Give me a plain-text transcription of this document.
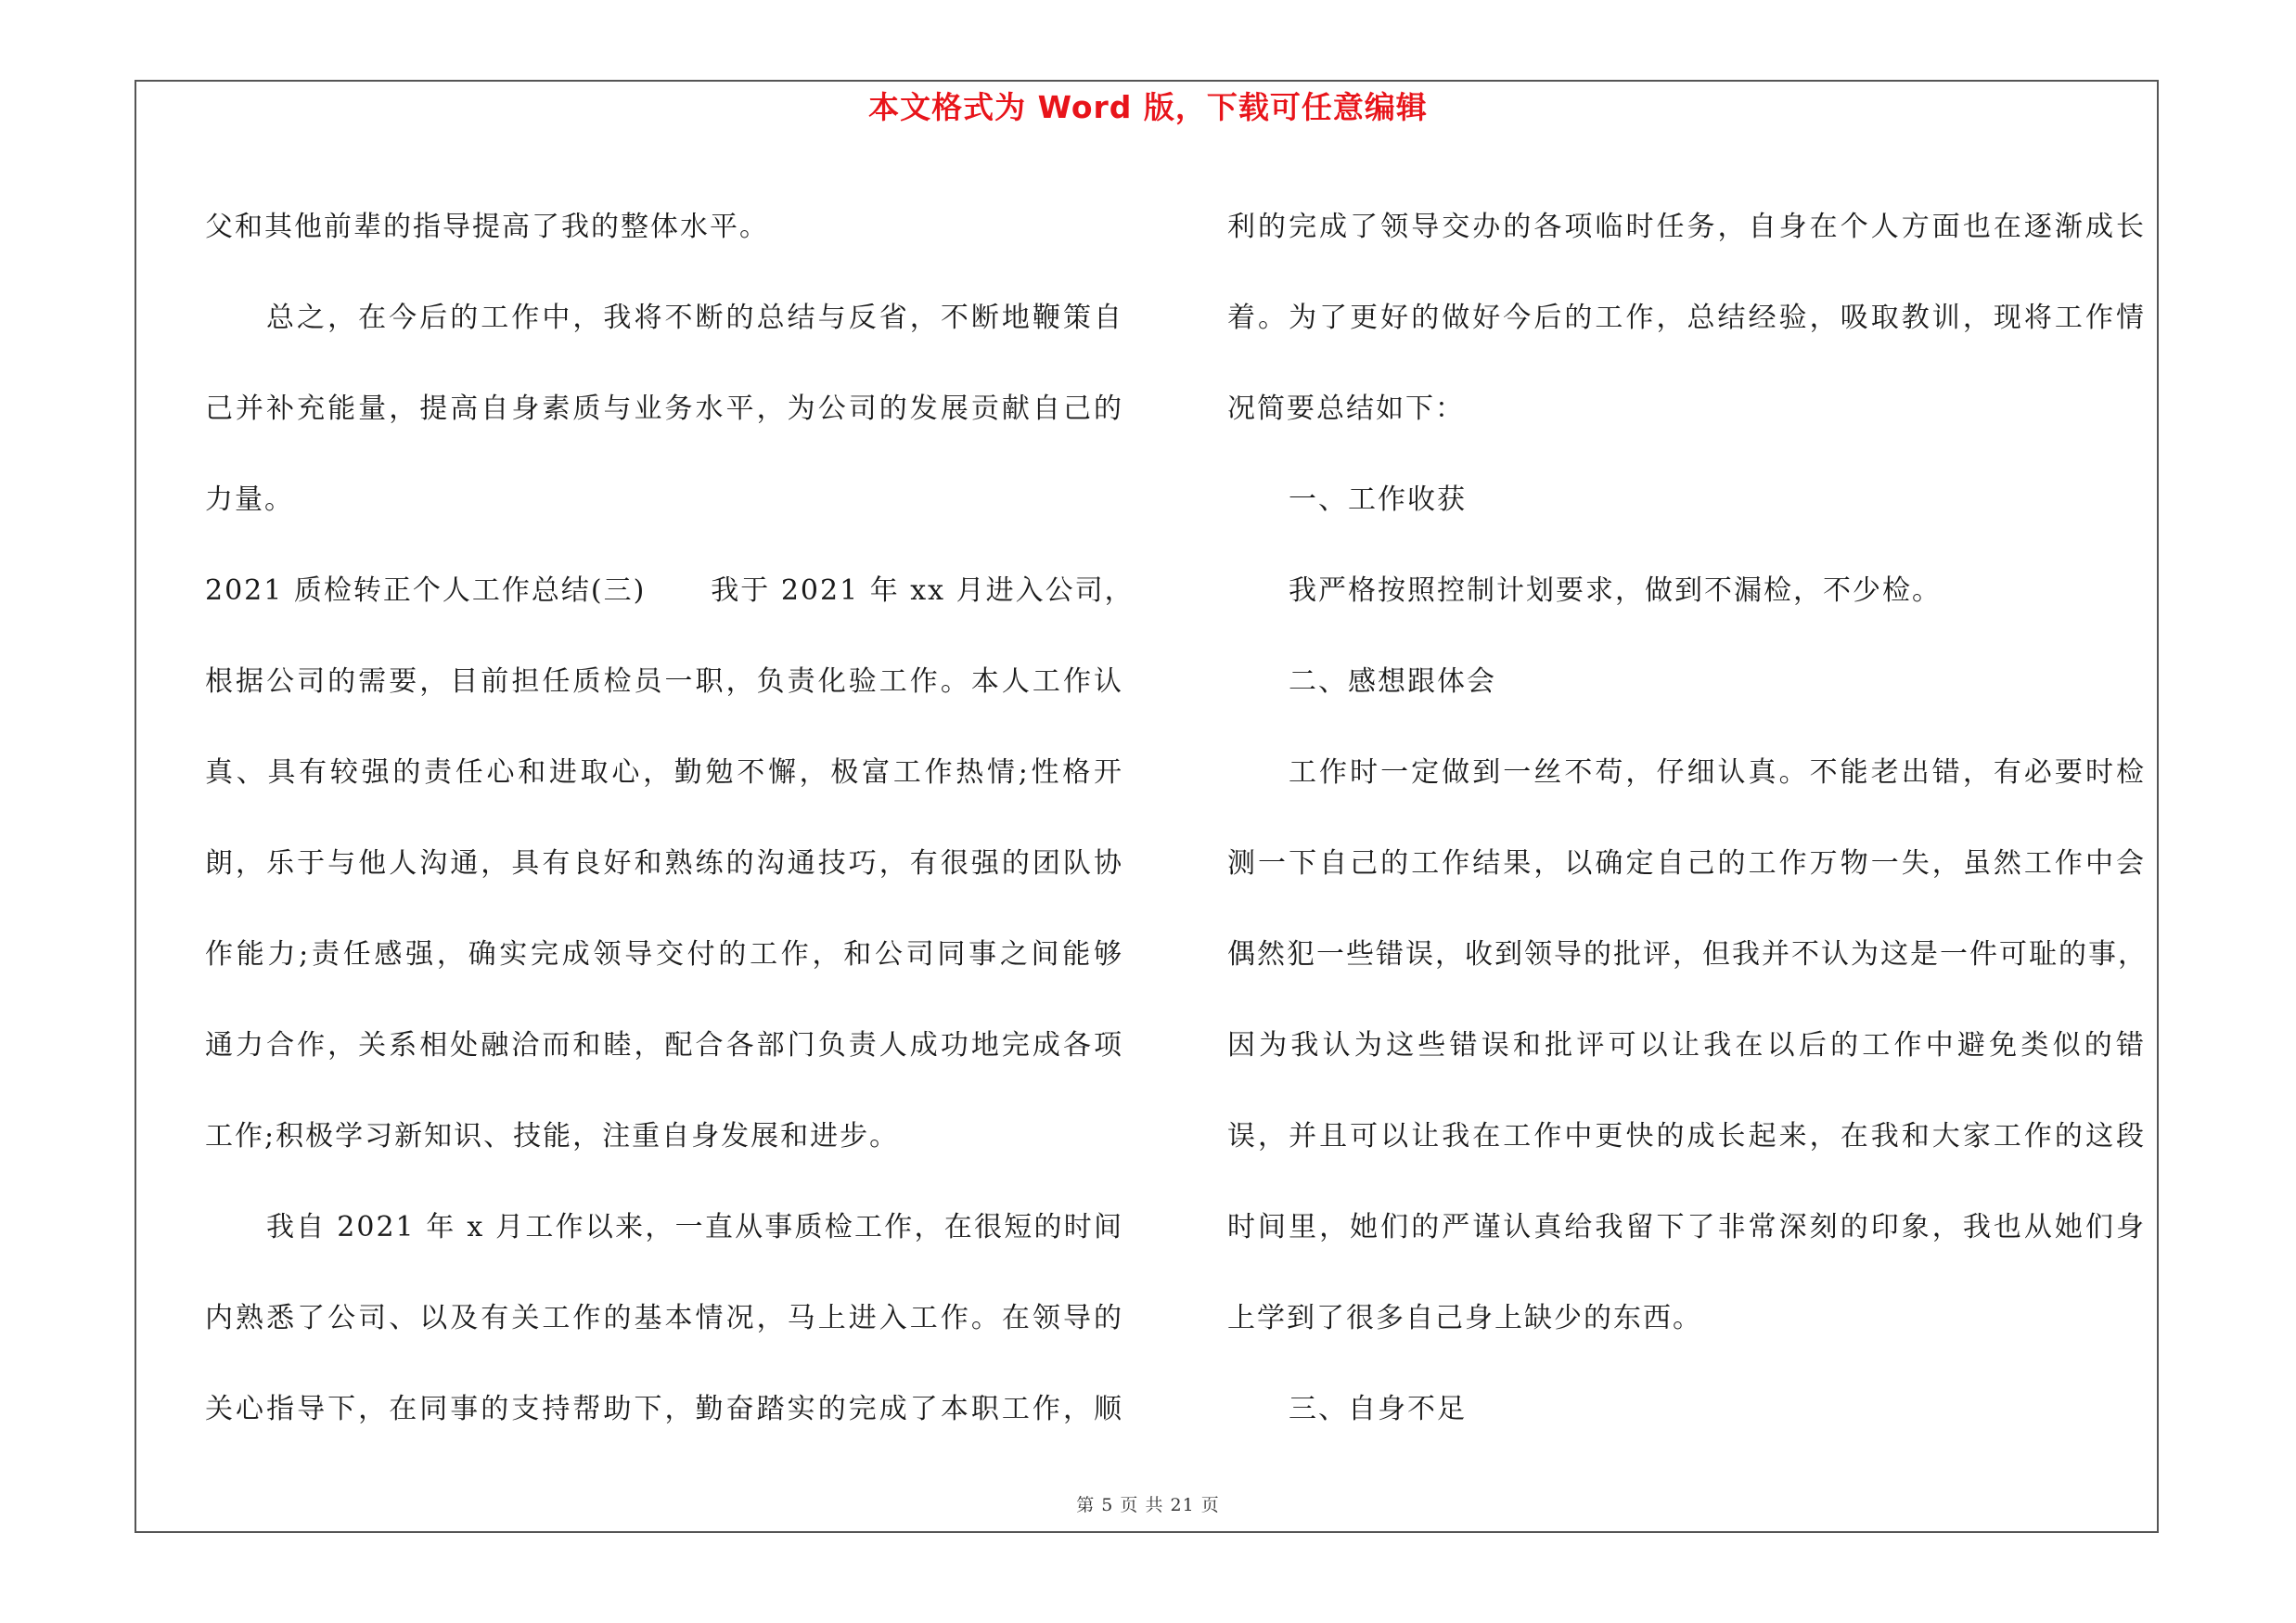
本文格式为 Word 版，下载可任意编辑
父和其他前辈的指导提高了我的整体水平。
总之，在今后的工作中，我将不断的总结与反省，不断地鞭策自
己并补充能量，提高自身素质与业务水平，为公司的发展贡献自己的
力量。
2021 质检转正个人工作总结(三) 我于 2021 年 xx 月进入公司，
根据公司的需要，目前担任质检员一职，负责化验工作。本人工作认
真、具有较强的责任心和进取心，勤勉不懈，极富工作热情;性格开
朗，乐于与他人沟通，具有良好和熟练的沟通技巧，有很强的团队协
作能力;责任感强，确实完成领导交付的工作，和公司同事之间能够
通力合作，关系相处融洽而和睦，配合各部门负责人成功地完成各项
工作;积极学习新知识、技能，注重自身发展和进步。
我自 2021 年 x 月工作以来，一直从事质检工作，在很短的时间
内熟悉了公司、以及有关工作的基本情况，马上进入工作。在领导的
关心指导下，在同事的支持帮助下，勤奋踏实的完成了本职工作，顺
利的完成了领导交办的各项临时任务，自身在个人方面也在逐渐成长
着。为了更好的做好今后的工作，总结经验，吸取教训，现将工作情
况简要总结如下：
一、工作收获
我严格按照控制计划要求，做到不漏检，不少检。
二、感想跟体会
工作时一定做到一丝不苟，仔细认真。不能老出错，有必要时检
测一下自己的工作结果，以确定自己的工作万物一失，虽然工作中会
偶然犯一些错误，收到领导的批评，但我并不认为这是一件可耻的事，
因为我认为这些错误和批评可以让我在以后的工作中避免类似的错
误，并且可以让我在工作中更快的成长起来，在我和大家工作的这段
时间里，她们的严谨认真给我留下了非常深刻的印象，我也从她们身
上学到了很多自己身上缺少的东西。
三、自身不足
第 5 页 共 21 页
